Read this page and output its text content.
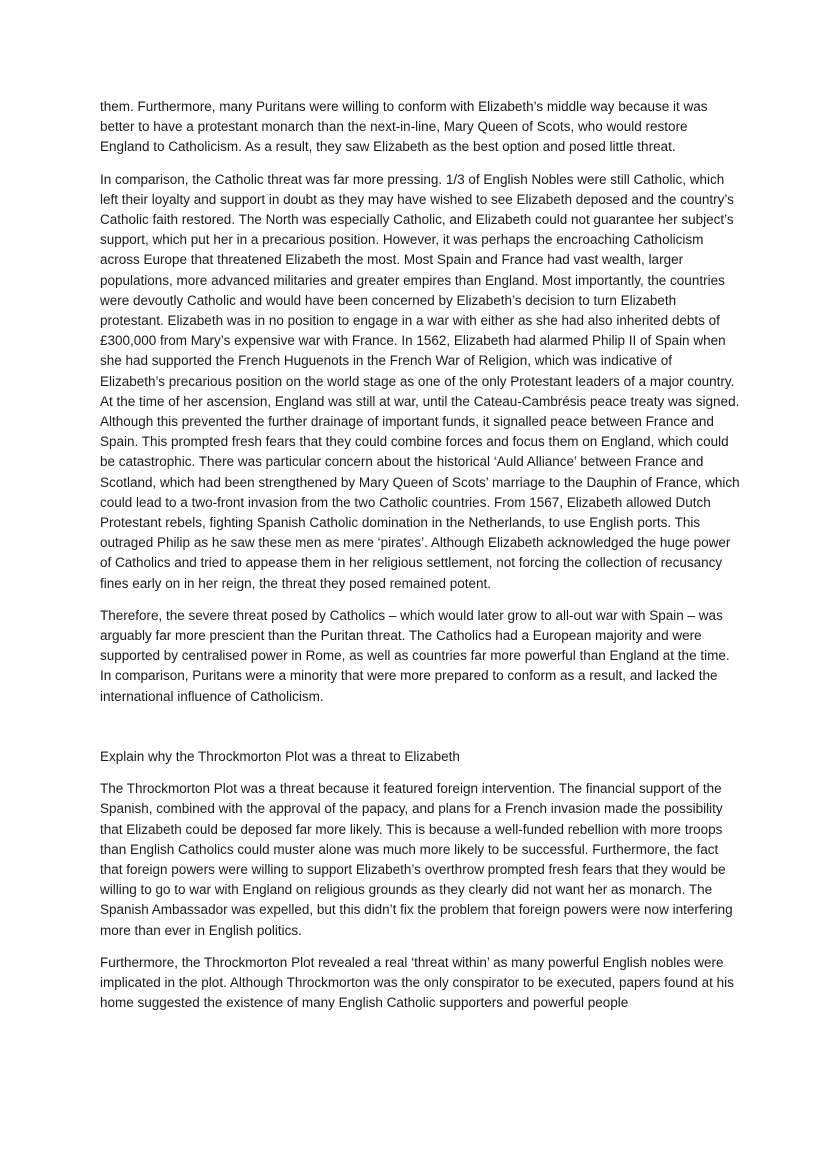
them. Furthermore, many Puritans were willing to conform with Elizabeth’s middle way because it was better to have a protestant monarch than the next-in-line, Mary Queen of Scots, who would restore England to Catholicism. As a result, they saw Elizabeth as the best option and posed little threat.

In comparison, the Catholic threat was far more pressing. 1/3 of English Nobles were still Catholic, which left their loyalty and support in doubt as they may have wished to see Elizabeth deposed and the country’s Catholic faith restored. The North was especially Catholic, and Elizabeth could not guarantee her subject’s support, which put her in a precarious position. However, it was perhaps the encroaching Catholicism across Europe that threatened Elizabeth the most. Most Spain and France had vast wealth, larger populations, more advanced militaries and greater empires than England. Most importantly, the countries were devoutly Catholic and would have been concerned by Elizabeth’s decision to turn Elizabeth protestant. Elizabeth was in no position to engage in a war with either as she had also inherited debts of £300,000 from Mary’s expensive war with France. In 1562, Elizabeth had alarmed Philip II of Spain when she had supported the French Huguenots in the French War of Religion, which was indicative of Elizabeth’s precarious position on the world stage as one of the only Protestant leaders of a major country. At the time of her ascension, England was still at war, until the Cateau-Cambrésis peace treaty was signed. Although this prevented the further drainage of important funds, it signalled peace between France and Spain. This prompted fresh fears that they could combine forces and focus them on England, which could be catastrophic. There was particular concern about the historical ‘Auld Alliance’ between France and Scotland, which had been strengthened by Mary Queen of Scots’ marriage to the Dauphin of France, which could lead to a two-front invasion from the two Catholic countries. From 1567, Elizabeth allowed Dutch Protestant rebels, fighting Spanish Catholic domination in the Netherlands, to use English ports. This outraged Philip as he saw these men as mere ‘pirates’. Although Elizabeth acknowledged the huge power of Catholics and tried to appease them in her religious settlement, not forcing the collection of recusancy fines early on in her reign, the threat they posed remained potent.

Therefore, the severe threat posed by Catholics – which would later grow to all-out war with Spain – was arguably far more prescient than the Puritan threat. The Catholics had a European majority and were supported by centralised power in Rome, as well as countries far more powerful than England at the time. In comparison, Puritans were a minority that were more prepared to conform as a result, and lacked the international influence of Catholicism.

Explain why the Throckmorton Plot was a threat to Elizabeth

The Throckmorton Plot was a threat because it featured foreign intervention. The financial support of the Spanish, combined with the approval of the papacy, and plans for a French invasion made the possibility that Elizabeth could be deposed far more likely. This is because a well-funded rebellion with more troops than English Catholics could muster alone was much more likely to be successful. Furthermore, the fact that foreign powers were willing to support Elizabeth’s overthrow prompted fresh fears that they would be willing to go to war with England on religious grounds as they clearly did not want her as monarch. The Spanish Ambassador was expelled, but this didn’t fix the problem that foreign powers were now interfering more than ever in English politics.

Furthermore, the Throckmorton Plot revealed a real ‘threat within’ as many powerful English nobles were implicated in the plot. Although Throckmorton was the only conspirator to be executed, papers found at his home suggested the existence of many English Catholic supporters and powerful people
